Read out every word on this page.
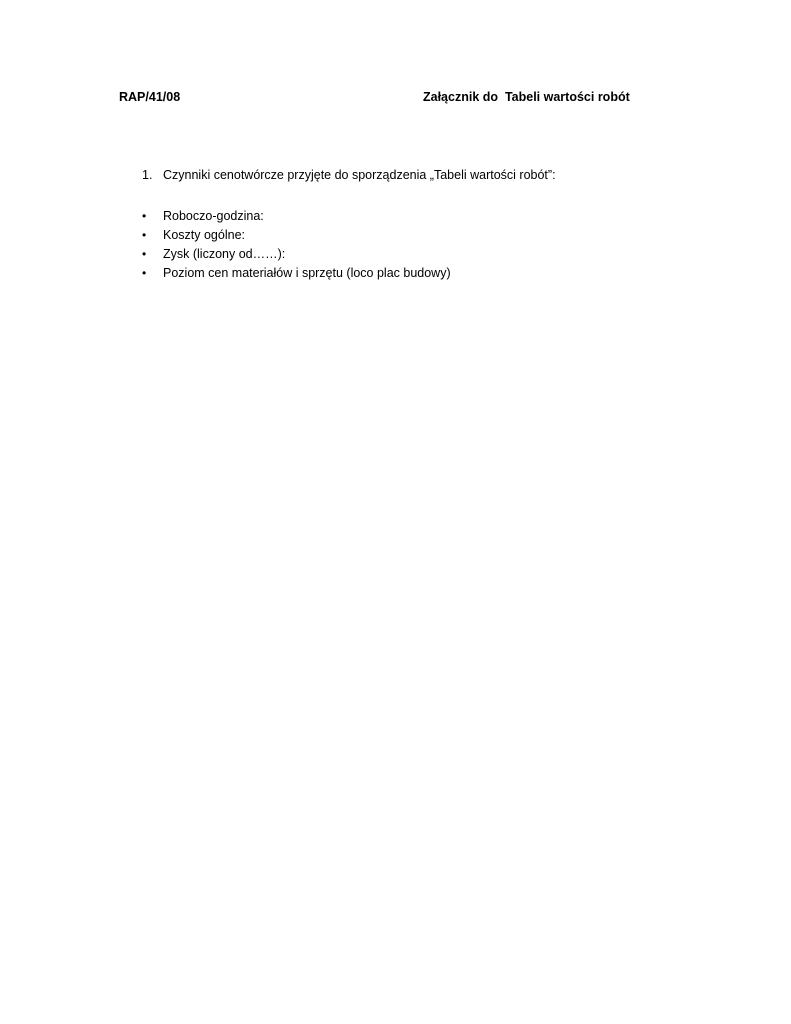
RAP/41/08	Załącznik do  Tabeli wartości robót
1. Czynniki cenotwórcze przyjęte do sporządzenia „Tabeli wartości robót”:
• Roboczo-godzina:
• Koszty ogólne:
• Zysk (liczony od……):
• Poziom cen materiałów i sprzętu (loco plac budowy)
